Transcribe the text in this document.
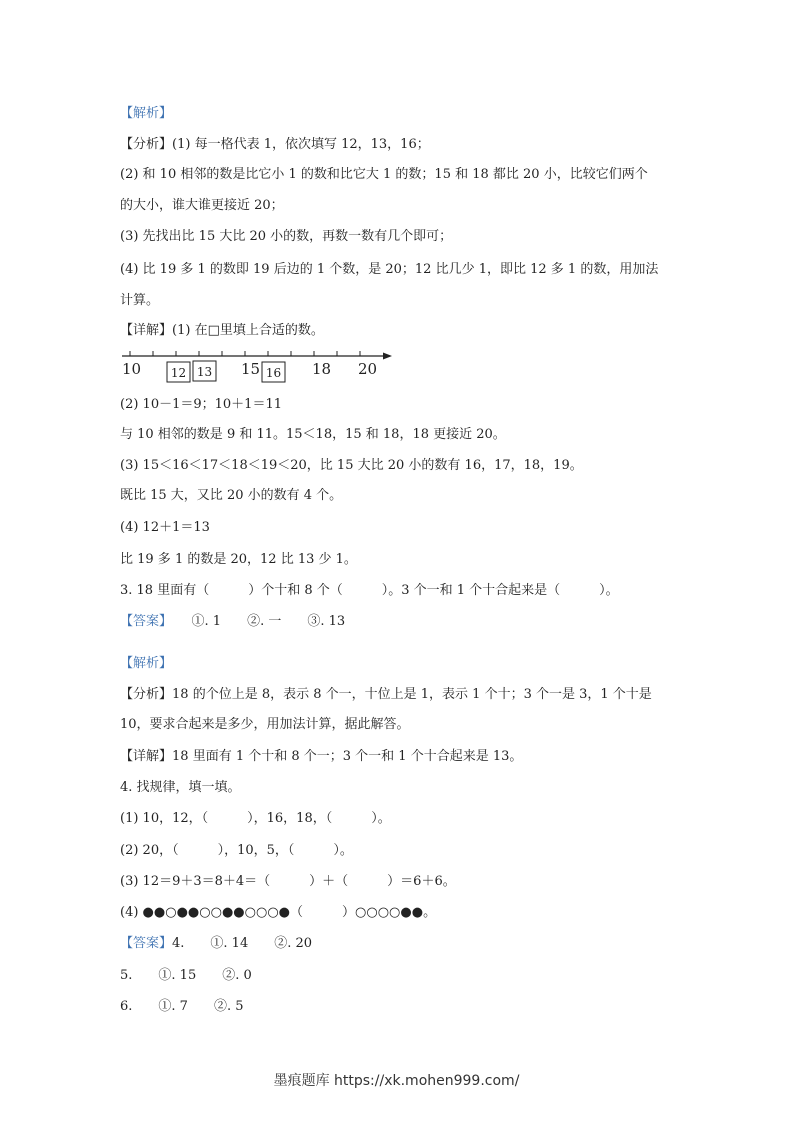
【解析】

【分析】(1) 每一格代表 1，依次填写 12，13，16；

(2) 和 10 相邻的数是比它小 1 的数和比它大 1 的数；15 和 18 都比 20 小，比较它们两个

的大小，谁大谁更接近 20；

(3) 先找出比 15 大比 20 小的数，再数一数有几个即可；

(4) 比 19 多 1 的数即 19 后边的 1 个数，是 20；12 比几少 1，即比 12 多 1 的数，用加法

计算。

【详解】(1) 在□里填上合适的数。

10	15	18 20
12 13	16

(2) 10－1＝9；10＋1＝11

与 10 相邻的数是 9 和 11。15＜18，15 和 18，18 更接近 20。

(3) 15＜16＜17＜18＜19＜20，比 15 大比 20 小的数有 16，17，18，19。

既比 15 大，又比 20 小的数有 4 个。

(4) 12＋1＝13

比 19 多 1 的数是 20，12 比 13 少 1。

3. 18 里面有（　　　）个十和 8 个（　　　）。3 个一和 1 个十合起来是（　　　）。

【答案】　　 ①. 1　　②. 一　　③. 13

【解析】

【分析】18 的个位上是 8，表示 8 个一，十位上是 1，表示 1 个十；3 个一是 3，1 个十是

10，要求合起来是多少，用加法计算，据此解答。

【详解】18 里面有 1 个十和 8 个一；3 个一和 1 个十合起来是 13。

4. 找规律，填一填。

(1) 10，12，（　　　），16，18，（　　　）。

(2) 20，（　　　），10，5，（　　　）。

(3) 12＝9＋3＝8＋4＝（　　　）＋（　　　）＝6＋6。

(4) ●●○●●○○●●○○○●（　　　）○○○○●●。

【答案】4.　　①. 14　　②. 20

5.　　①. 15　　②. 0

6.　　①. 7　　②. 5

墨痕题库 https://xk.mohen999.com/
